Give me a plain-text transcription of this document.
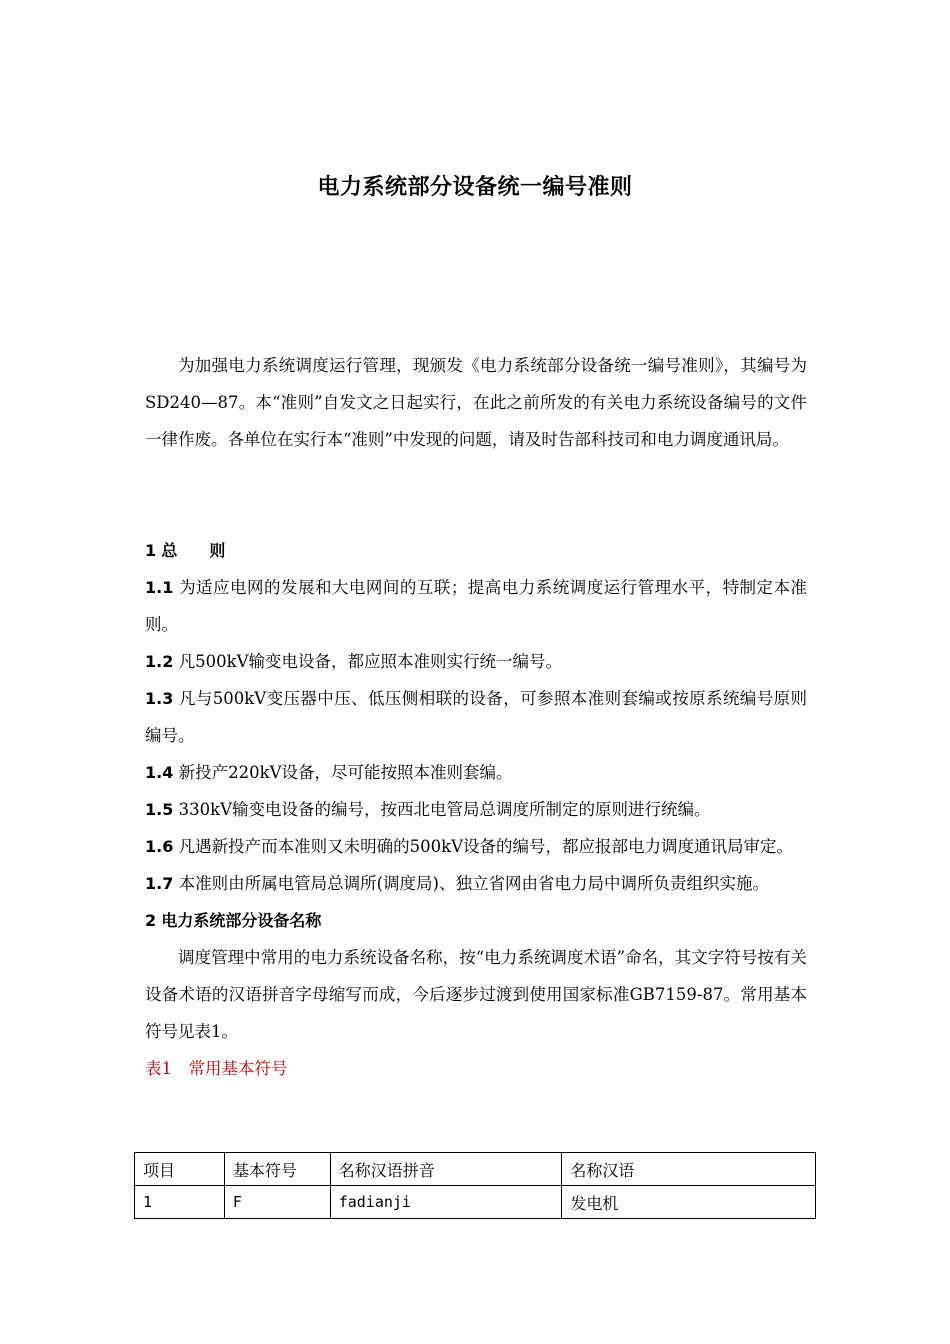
电力系统部分设备统一编号准则

为加强电力系统调度运行管理，现颁发《电力系统部分设备统一编号准则》，其编号为SD240—87。本“准则”自发文之日起实行，在此之前所发的有关电力系统设备编号的文件一律作废。各单位在实行本“准则”中发现的问题，请及时告部科技司和电力调度通讯局。

1 总　　则

1.1 为适应电网的发展和大电网间的互联；提高电力系统调度运行管理水平，特制定本准则。

1.2 凡500kV输变电设备，都应照本准则实行统一编号。

1.3 凡与500kV变压器中压、低压侧相联的设备，可参照本准则套编或按原系统编号原则编号。

1.4 新投产220kV设备，尽可能按照本准则套编。

1.5 330kV输变电设备的编号，按西北电管局总调度所制定的原则进行统编。

1.6 凡遇新投产而本准则又未明确的500kV设备的编号，都应报部电力调度通讯局审定。

1.7 本准则由所属电管局总调所(调度局)、独立省网由省电力局中调所负责组织实施。

2 电力系统部分设备名称

调度管理中常用的电力系统设备名称，按“电力系统调度术语”命名，其文字符号按有关设备术语的汉语拼音字母缩写而成，今后逐步过渡到使用国家标准GB7159-87。常用基本符号见表1。

表1　常用基本符号

项目	基本符号	名称汉语拼音	名称汉语
1	F	fadianji	发电机
